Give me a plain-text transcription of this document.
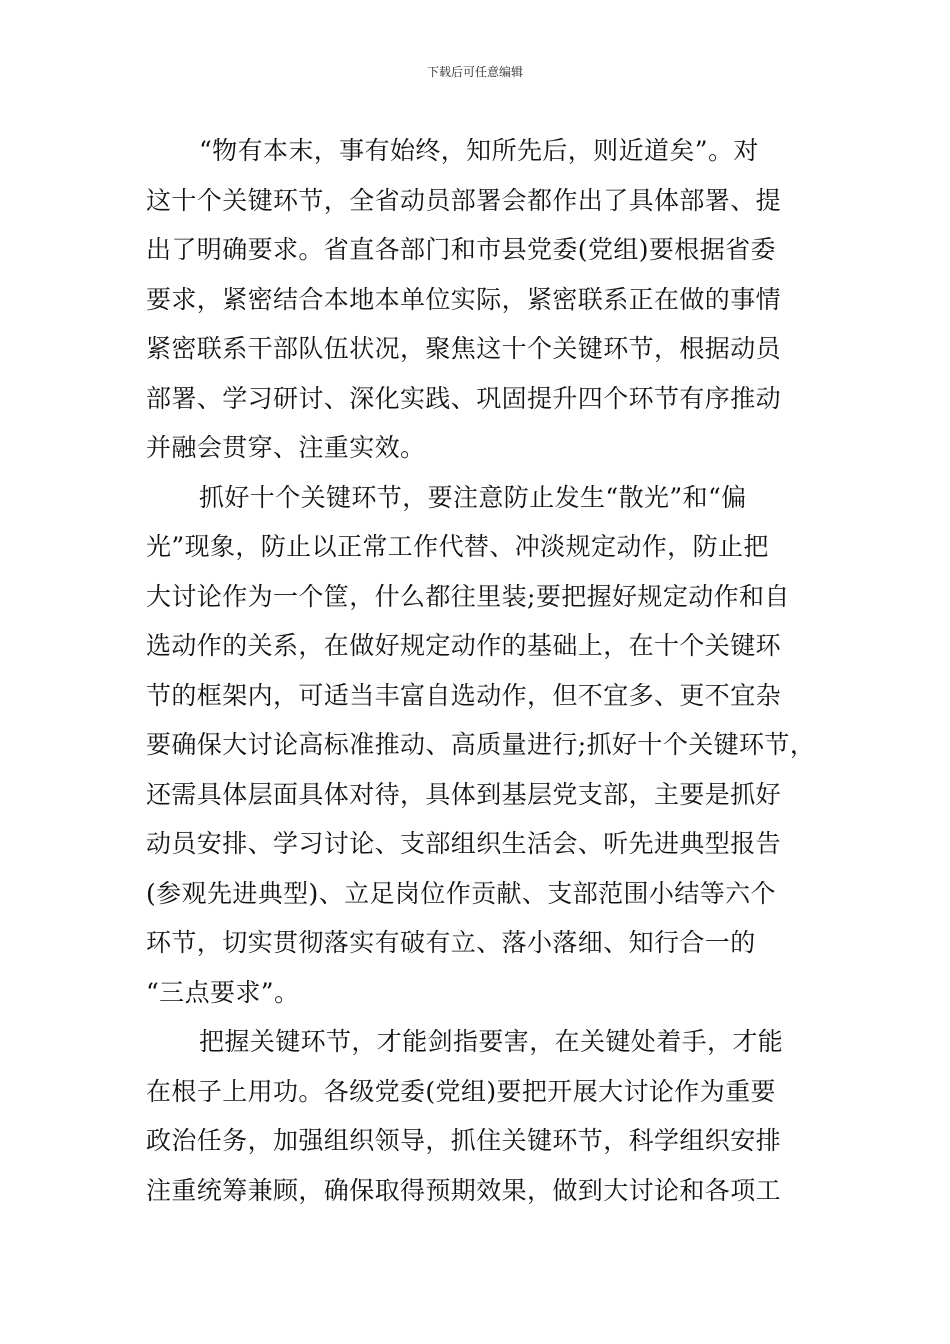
下载后可任意编辑
“物有本末，事有始终，知所先后，则近道矣”。对
这十个关键环节，全省动员部署会都作出了具体部署、提
出了明确要求。省直各部门和市县党委(党组)要根据省委
要求，紧密结合本地本单位实际，紧密联系正在做的事情
紧密联系干部队伍状况，聚焦这十个关键环节，根据动员
部署、学习研讨、深化实践、巩固提升四个环节有序推动
并融会贯穿、注重实效。
抓好十个关键环节，要注意防止发生“散光”和“偏
光”现象，防止以正常工作代替、冲淡规定动作，防止把
大讨论作为一个筐，什么都往里装;要把握好规定动作和自
选动作的关系，在做好规定动作的基础上，在十个关键环
节的框架内，可适当丰富自选动作，但不宜多、更不宜杂
要确保大讨论高标准推动、高质量进行;抓好十个关键环节，
还需具体层面具体对待，具体到基层党支部，主要是抓好
动员安排、学习讨论、支部组织生活会、听先进典型报告
(参观先进典型)、立足岗位作贡献、支部范围小结等六个
环节，切实贯彻落实有破有立、落小落细、知行合一的
“三点要求”。
把握关键环节，才能剑指要害，在关键处着手，才能
在根子上用功。各级党委(党组)要把开展大讨论作为重要
政治任务，加强组织领导，抓住关键环节，科学组织安排
注重统筹兼顾，确保取得预期效果，做到大讨论和各项工
